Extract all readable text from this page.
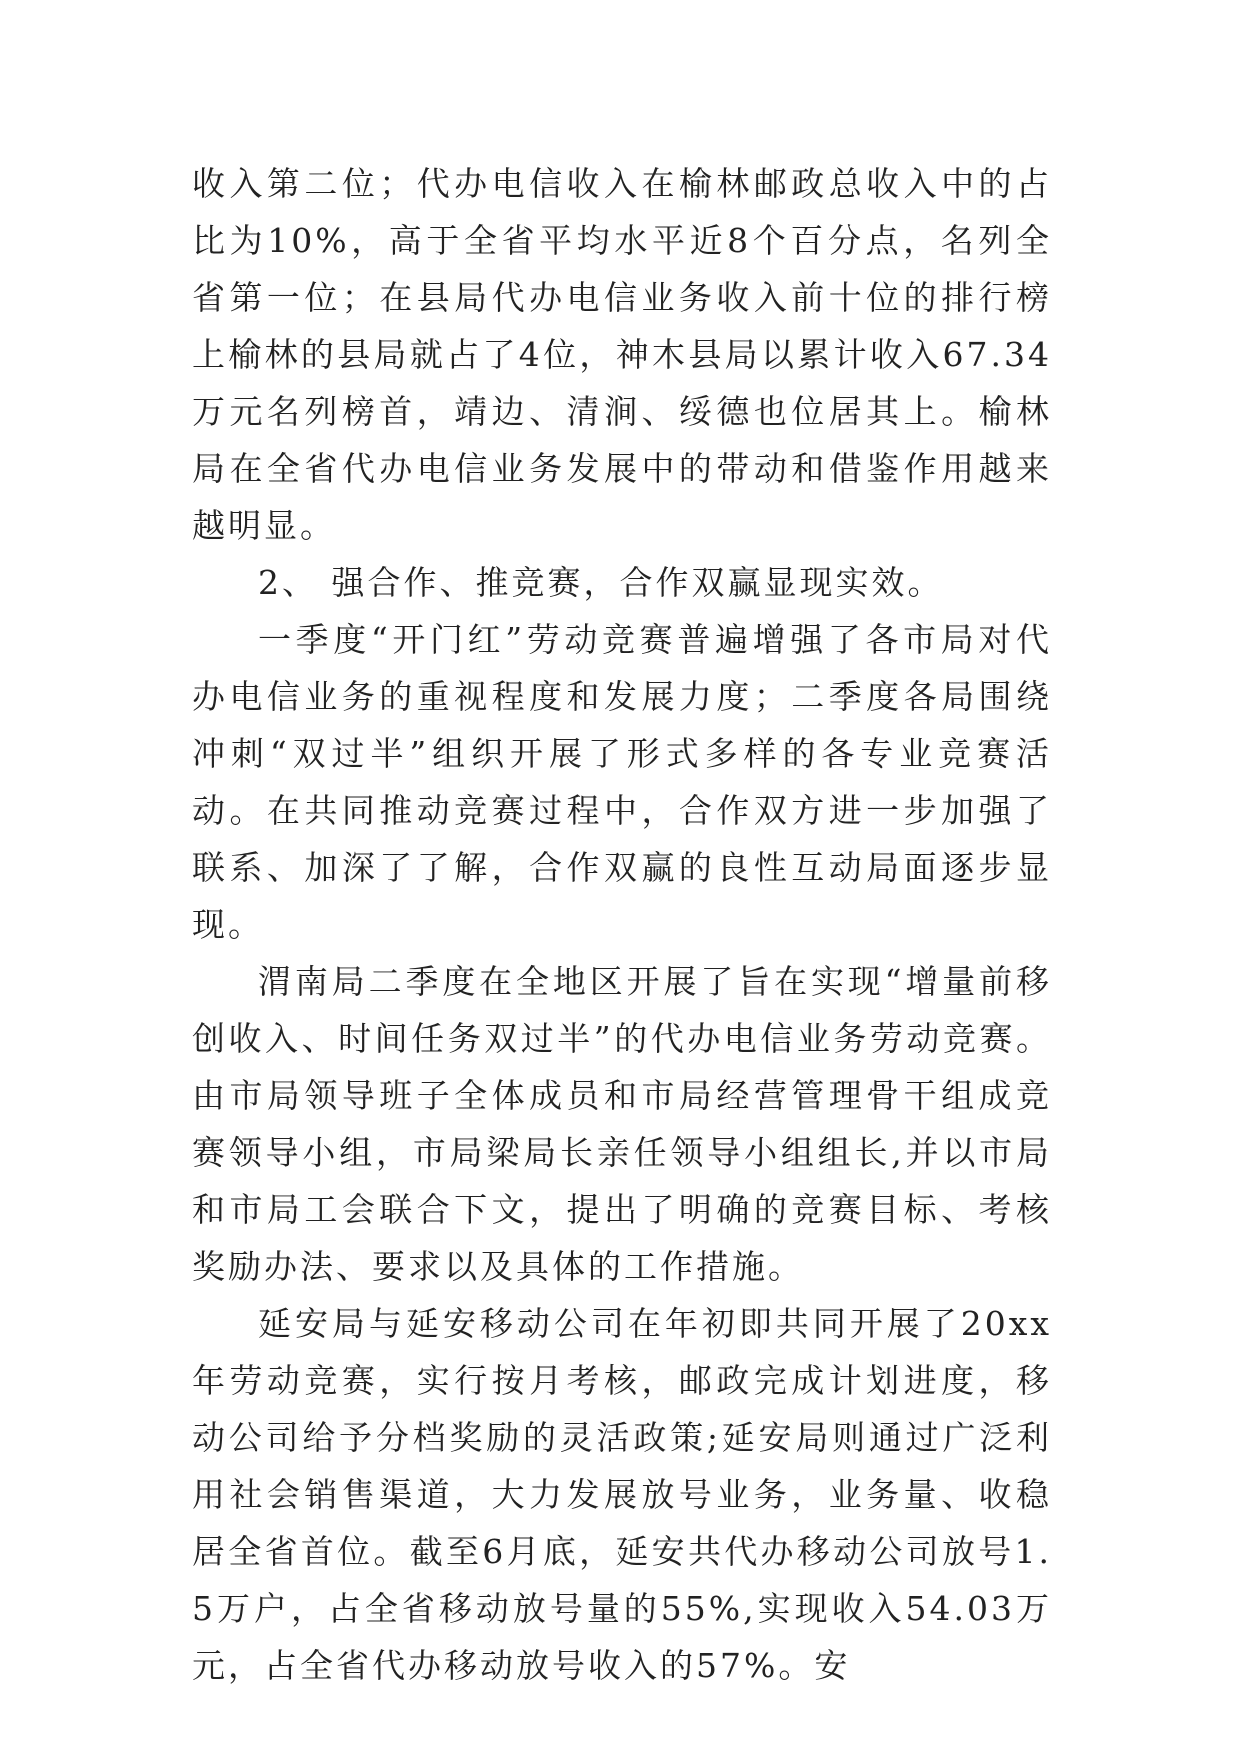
收入第二位；代办电信收入在榆林邮政总收入中的占比为10%，高于全省平均水平近8个百分点，名列全省第一位；在县局代办电信业务收入前十位的排行榜上榆林的县局就占了4位，神木县局以累计收入67.34万元名列榜首，靖边、清涧、绥德也位居其上。榆林局在全省代办电信业务发展中的带动和借鉴作用越来越明显。

2、 强合作、推竞赛，合作双赢显现实效。

一季度“开门红”劳动竞赛普遍增强了各市局对代办电信业务的重视程度和发展力度；二季度各局围绕冲刺“双过半”组织开展了形式多样的各专业竞赛活动。在共同推动竞赛过程中，合作双方进一步加强了联系、加深了了解，合作双赢的良性互动局面逐步显现。

渭南局二季度在全地区开展了旨在实现“增量前移创收入、时间任务双过半”的代办电信业务劳动竞赛。由市局领导班子全体成员和市局经营管理骨干组成竞赛领导小组，市局梁局长亲任领导小组组长,并以市局和市局工会联合下文，提出了明确的竞赛目标、考核奖励办法、要求以及具体的工作措施。

延安局与延安移动公司在年初即共同开展了20xx年劳动竞赛，实行按月考核，邮政完成计划进度，移动公司给予分档奖励的灵活政策;延安局则通过广泛利用社会销售渠道，大力发展放号业务，业务量、收稳居全省首位。截至6月底，延安共代办移动公司放号1.5万户，占全省移动放号量的55%,实现收入54.03万元，占全省代办移动放号收入的57%。安
